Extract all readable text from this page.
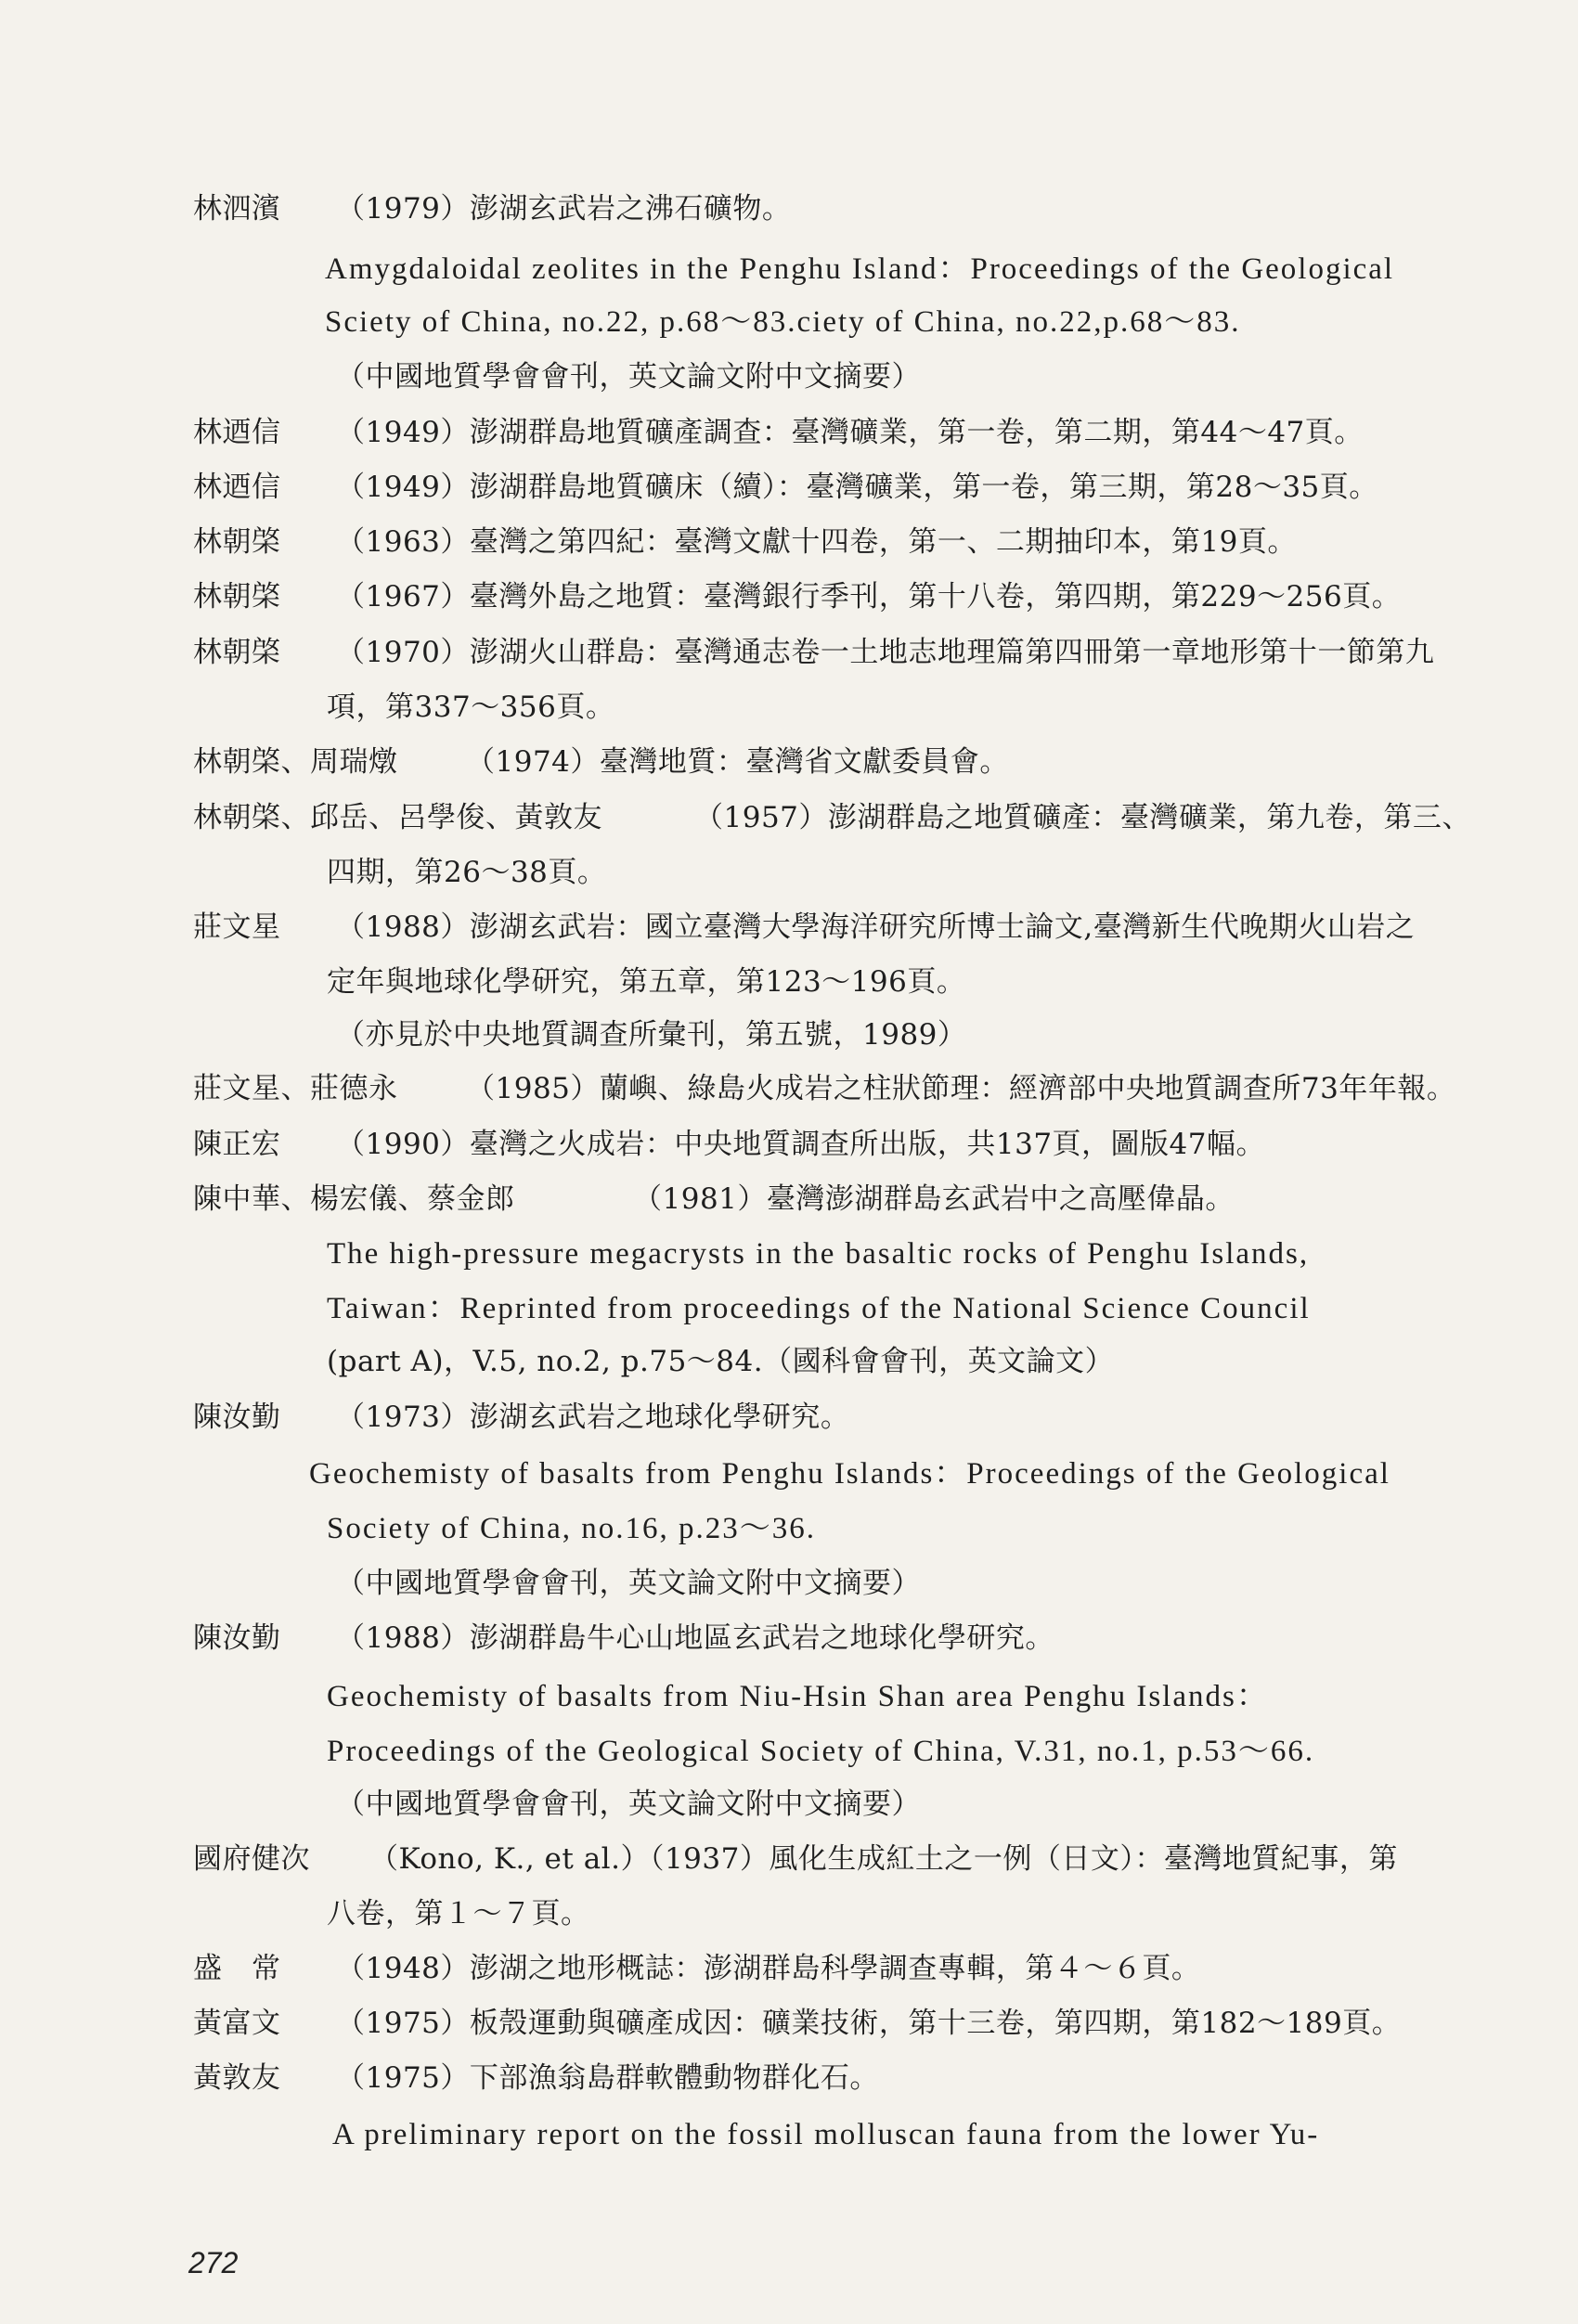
林泗濱 （1979）澎湖玄武岩之沸石礦物。
Amygdaloidal zeolites in the Penghu Island：Proceedings of the Geological
Sciety of China, no.22, p.68～83.ciety of China, no.22,p.68～83.
（中國地質學會會刊，英文論文附中文摘要）
林迺信 （1949）澎湖群島地質礦產調查：臺灣礦業，第一卷，第二期，第44～47頁。
林迺信 （1949）澎湖群島地質礦床（續）：臺灣礦業，第一卷，第三期，第28～35頁。
林朝棨 （1963）臺灣之第四紀：臺灣文獻十四卷，第一、二期抽印本，第19頁。
林朝棨 （1967）臺灣外島之地質：臺灣銀行季刊，第十八卷，第四期，第229～256頁。
林朝棨 （1970）澎湖火山群島：臺灣通志卷一土地志地理篇第四冊第一章地形第十一節第九
項，第337～356頁。
林朝棨、周瑞燉 （1974）臺灣地質：臺灣省文獻委員會。
林朝棨、邱岳、呂學俊、黃敦友	（1957）澎湖群島之地質礦產：臺灣礦業，第九卷，第三、
四期，第26～38頁。
莊文星 （1988）澎湖玄武岩：國立臺灣大學海洋研究所博士論文,臺灣新生代晚期火山岩之
定年與地球化學研究，第五章，第123～196頁。
（亦見於中央地質調查所彙刊，第五號，1989）
莊文星、莊德永 （1985）蘭嶼、綠島火成岩之柱狀節理：經濟部中央地質調查所73年年報。
陳正宏 （1990）臺灣之火成岩：中央地質調查所出版，共137頁，圖版47幅。
陳中華、楊宏儀、蔡金郎	（1981）臺灣澎湖群島玄武岩中之高壓偉晶。
The high-pressure megacrysts in the basaltic rocks of Penghu Islands,
Taiwan：Reprinted from proceedings of the National Science Council
(part A)，V.5, no.2, p.75～84.（國科會會刊，英文論文）
陳汝勤 （1973）澎湖玄武岩之地球化學研究。
Geochemisty of basalts from Penghu Islands：Proceedings of the Geological
Society of China, no.16, p.23～36.
（中國地質學會會刊，英文論文附中文摘要）
陳汝勤 （1988）澎湖群島牛心山地區玄武岩之地球化學研究。
Geochemisty of basalts from Niu-Hsin Shan area Penghu Islands：
Proceedings of the Geological Society of China, V.31, no.1, p.53～66.
（中國地質學會會刊，英文論文附中文摘要）
國府健次 （Kono, K., et al.）（1937）風化生成紅土之一例（日文）：臺灣地質紀事，第
八卷，第１～７頁。
盛　常 （1948）澎湖之地形概誌：澎湖群島科學調查專輯，第４～６頁。
黃富文 （1975）板殼運動與礦產成因：礦業技術，第十三卷，第四期，第182～189頁。
黃敦友 （1975）下部漁翁島群軟體動物群化石。
A preliminary report on the fossil molluscan fauna from the lower Yu-
272
